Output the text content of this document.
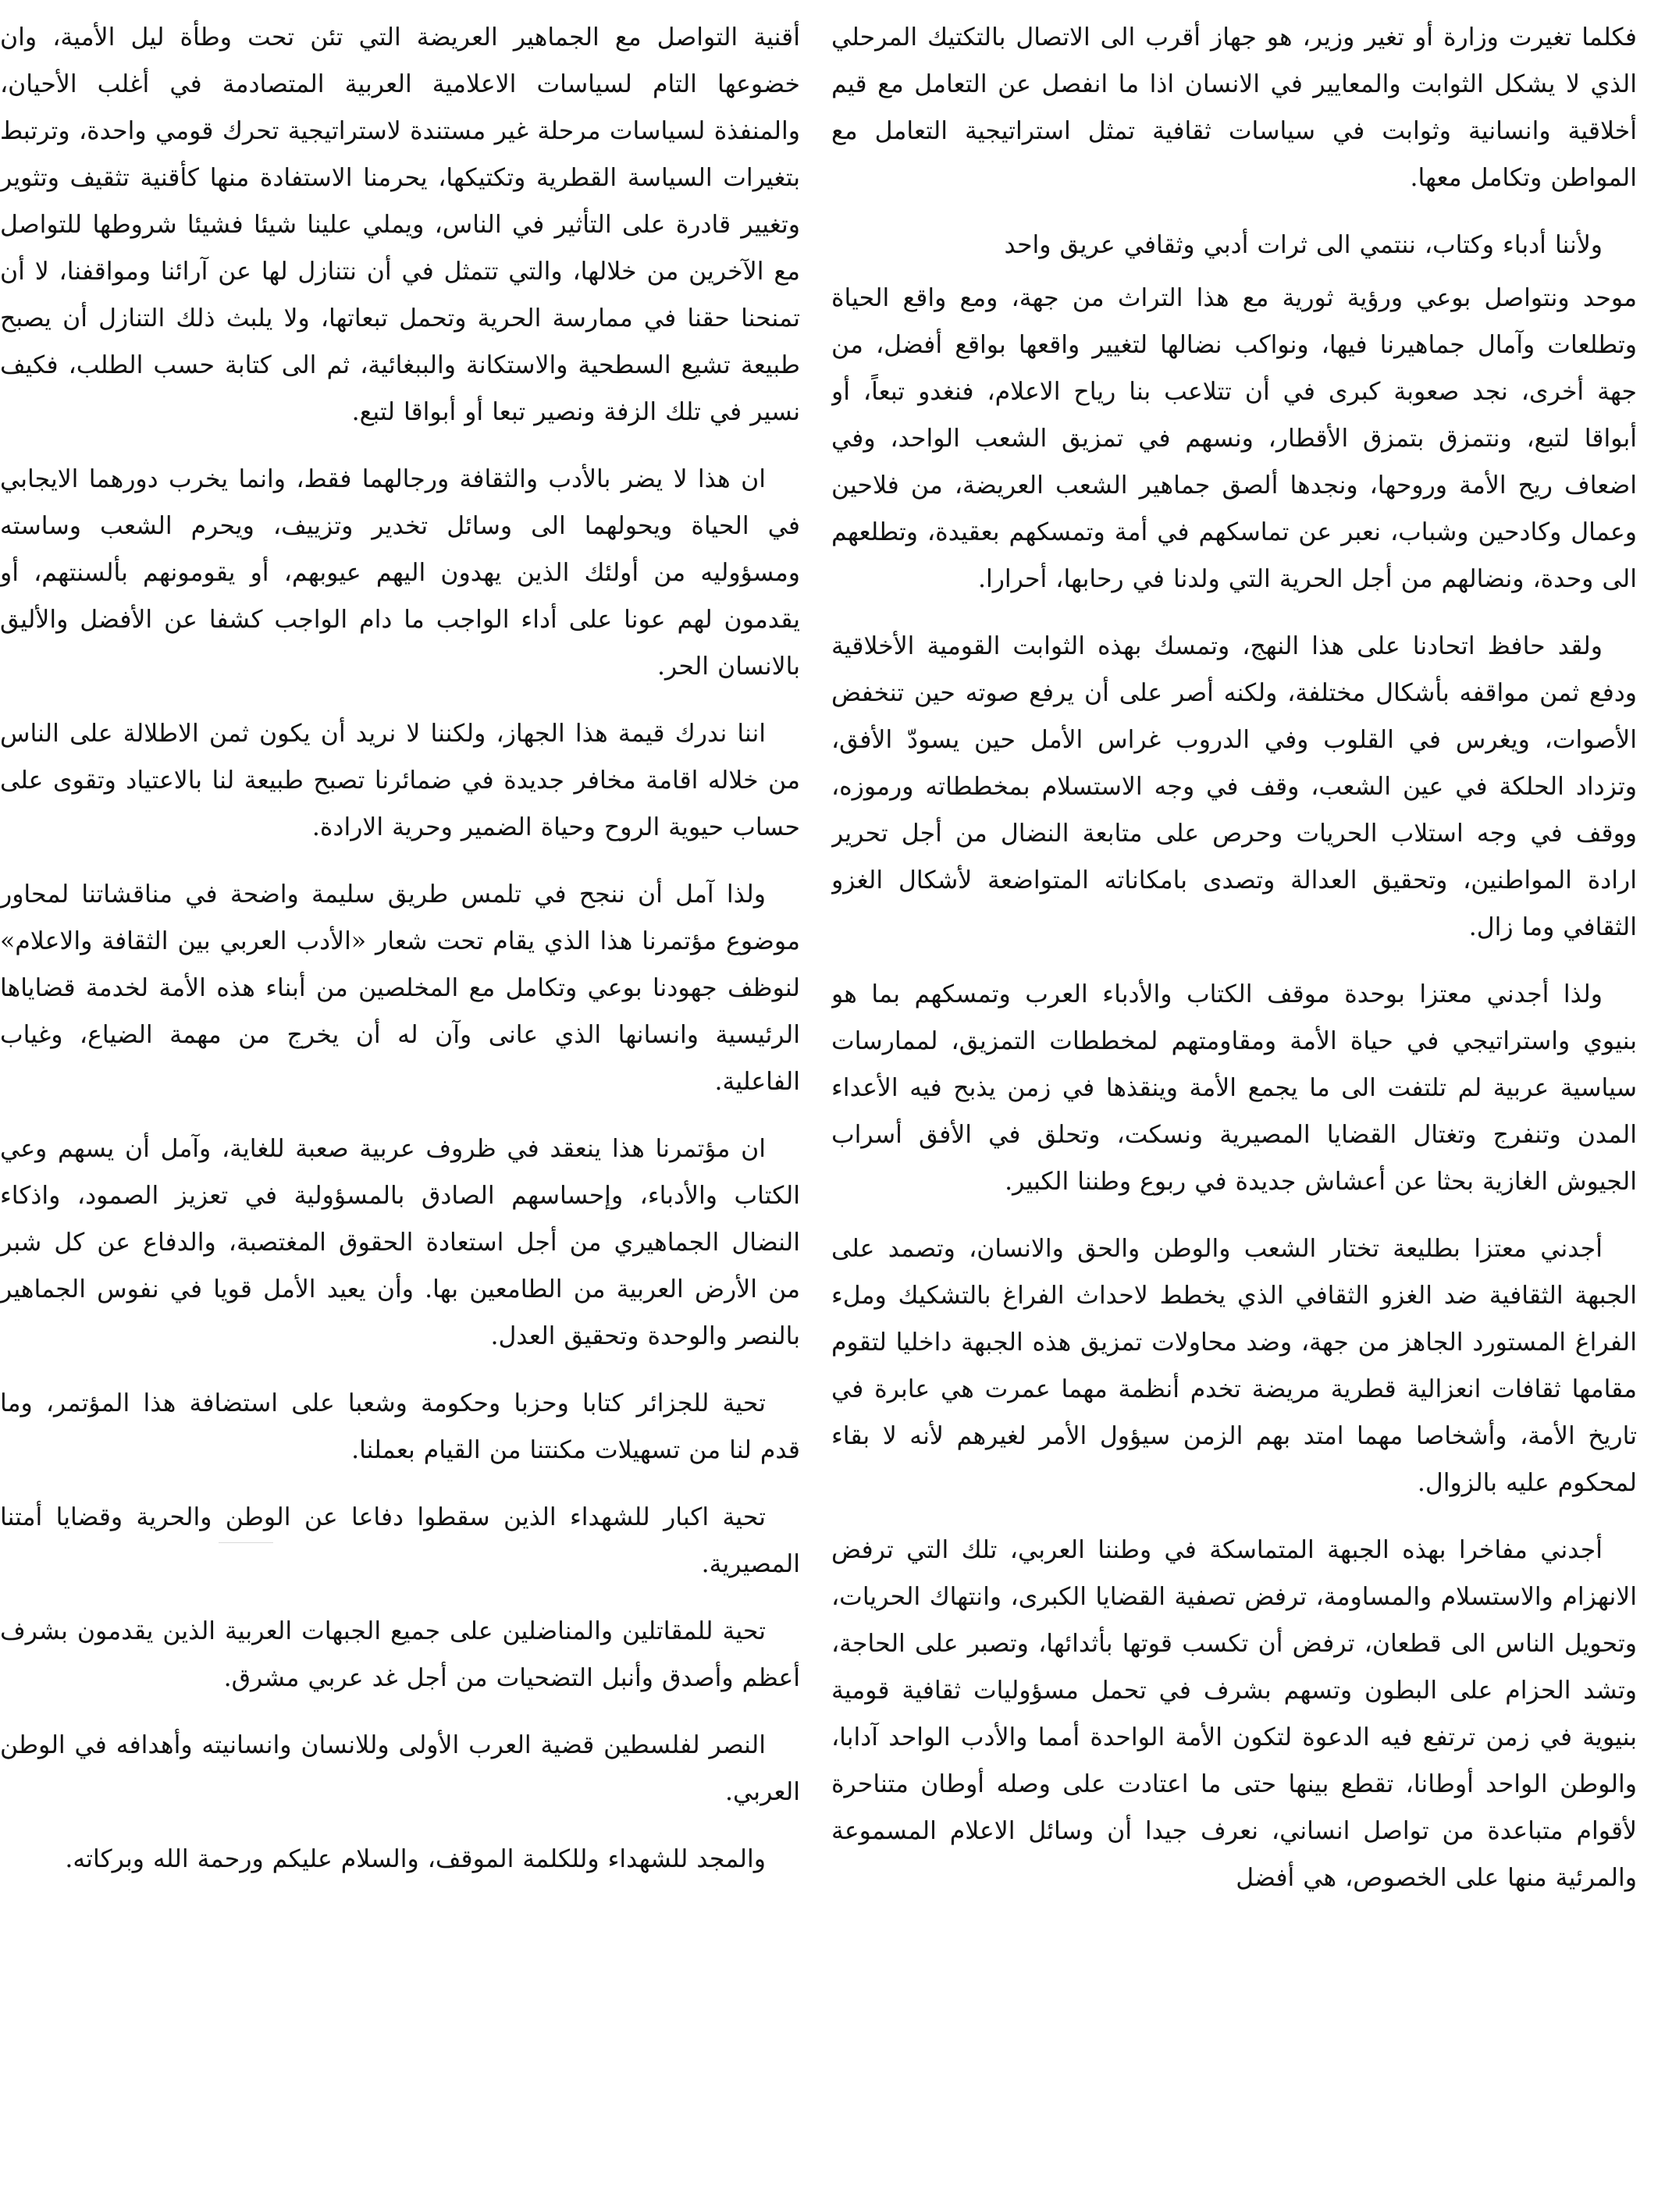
فكلما تغيرت وزارة أو تغير وزير، هو جهاز أقرب الى الاتصال بالتكتيك المرحلي الذي لا يشكل الثوابت والمعايير في الانسان اذا ما انفصل عن التعامل مع قيم أخلاقية وانسانية وثوابت في سياسات ثقافية تمثل استراتيجية التعامل مع المواطن وتكامل معها.

ولأننا أدباء وكتاب، ننتمي الى ثرات أدبي وثقافي عريق واحد

موحد ونتواصل بوعي ورؤية ثورية مع هذا التراث من جهة، ومع واقع الحياة وتطلعات وآمال جماهيرنا فيها، ونواكب نضالها لتغيير واقعها بواقع أفضل، من جهة أخرى، نجد صعوبة كبرى في أن تتلاعب بنا رياح الاعلام، فنغدو تبعاً، أو أبواقا لتبع، ونتمزق بتمزق الأقطار، ونسهم في تمزيق الشعب الواحد، وفي اضعاف ريح الأمة وروحها، ونجدها ألصق جماهير الشعب العريضة، من فلاحين وعمال وكادحين وشباب، نعبر عن تماسكهم في أمة وتمسكهم بعقيدة، وتطلعهم الى وحدة، ونضالهم من أجل الحرية التي ولدنا في رحابها، أحرارا.

ولقد حافظ اتحادنا على هذا النهج، وتمسك بهذه الثوابت القومية الأخلاقية ودفع ثمن مواقفه بأشكال مختلفة، ولكنه أصر على أن يرفع صوته حين تنخفض الأصوات، ويغرس في القلوب وفي الدروب غراس الأمل حين يسودّ الأفق، وتزداد الحلكة في عين الشعب، وقف في وجه الاستسلام بمخططاته ورموزه، ووقف في وجه استلاب الحريات وحرص على متابعة النضال من أجل تحرير ارادة المواطنين، وتحقيق العدالة وتصدى بامكاناته المتواضعة لأشكال الغزو الثقافي وما زال.

ولذا أجدني معتزا بوحدة موقف الكتاب والأدباء العرب وتمسكهم بما هو بنيوي واستراتيجي في حياة الأمة ومقاومتهم لمخططات التمزيق، لممارسات سياسية عربية لم تلتفت الى ما يجمع الأمة وينقذها في زمن يذبح فيه الأعداء المدن وتنفرج وتغتال القضايا المصيرية ونسكت، وتحلق في الأفق أسراب الجيوش الغازية بحثا عن أعشاش جديدة في ربوع وطننا الكبير.

أجدني معتزا بطليعة تختار الشعب والوطن والحق والانسان، وتصمد على الجبهة الثقافية ضد الغزو الثقافي الذي يخطط لاحداث الفراغ بالتشكيك وملء الفراغ المستورد الجاهز من جهة، وضد محاولات تمزيق هذه الجبهة داخليا لتقوم مقامها ثقافات انعزالية قطرية مريضة تخدم أنظمة مهما عمرت هي عابرة في تاريخ الأمة، وأشخاصا مهما امتد بهم الزمن سيؤول الأمر لغيرهم لأنه لا بقاء لمحكوم عليه بالزوال.

أجدني مفاخرا بهذه الجبهة المتماسكة في وطننا العربي، تلك التي ترفض الانهزام والاستسلام والمساومة، ترفض تصفية القضايا الكبرى، وانتهاك الحريات، وتحويل الناس الى قطعان، ترفض أن تكسب قوتها بأثدائها، وتصبر على الحاجة، وتشد الحزام على البطون وتسهم بشرف في تحمل مسؤوليات ثقافية قومية بنيوية في زمن ترتفع فيه الدعوة لتكون الأمة الواحدة أمما والأدب الواحد آدابا، والوطن الواحد أوطانا، تقطع بينها حتى ما اعتادت على وصله أوطان متناحرة لأقوام متباعدة من تواصل انساني، نعرف جيدا أن وسائل الاعلام المسموعة والمرئية منها على الخصوص، هي أفضل

أقنية التواصل مع الجماهير العريضة التي تئن تحت وطأة ليل الأمية، وان خضوعها التام لسياسات الاعلامية العربية المتصادمة في أغلب الأحيان، والمنفذة لسياسات مرحلة غير مستندة لاستراتيجية تحرك قومي واحدة، وترتبط بتغيرات السياسة القطرية وتكتيكها، يحرمنا الاستفادة منها كأقنية تثقيف وتثوير وتغيير قادرة على التأثير في الناس، ويملي علينا شيئا فشيئا شروطها للتواصل مع الآخرين من خلالها، والتي تتمثل في أن نتنازل لها عن آرائنا ومواقفنا، لا أن تمنحنا حقنا في ممارسة الحرية وتحمل تبعاتها، ولا يلبث ذلك التنازل أن يصبح طبيعة تشيع السطحية والاستكانة والببغائية، ثم الى كتابة حسب الطلب، فكيف نسير في تلك الزفة ونصير تبعا أو أبواقا لتبع.

ان هذا لا يضر بالأدب والثقافة ورجالهما فقط، وانما يخرب دورهما الايجابي في الحياة ويحولهما الى وسائل تخدير وتزييف، ويحرم الشعب وساسته ومسؤوليه من أولئك الذين يهدون اليهم عيوبهم، أو يقومونهم بألسنتهم، أو يقدمون لهم عونا على أداء الواجب ما دام الواجب كشفا عن الأفضل والأليق بالانسان الحر.

اننا ندرك قيمة هذا الجهاز، ولكننا لا نريد أن يكون ثمن الاطلالة على الناس من خلاله اقامة مخافر جديدة في ضمائرنا تصبح طبيعة لنا بالاعتياد وتقوى على حساب حيوية الروح وحياة الضمير وحرية الارادة.

ولذا آمل أن ننجح في تلمس طريق سليمة واضحة في مناقشاتنا لمحاور موضوع مؤتمرنا هذا الذي يقام تحت شعار «الأدب العربي بين الثقافة والاعلام» لنوظف جهودنا بوعي وتكامل مع المخلصين من أبناء هذه الأمة لخدمة قضاياها الرئيسية وانسانها الذي عانى وآن له أن يخرج من مهمة الضياع، وغياب الفاعلية.

ان مؤتمرنا هذا ينعقد في ظروف عربية صعبة للغاية، وآمل أن يسهم وعي الكتاب والأدباء، وإحساسهم الصادق بالمسؤولية في تعزيز الصمود، واذكاء النضال الجماهيري من أجل استعادة الحقوق المغتصبة، والدفاع عن كل شبر من الأرض العربية من الطامعين بها. وأن يعيد الأمل قويا في نفوس الجماهير بالنصر والوحدة وتحقيق العدل.

تحية للجزائر كتابا وحزبا وحكومة وشعبا على استضافة هذا المؤتمر، وما قدم لنا من تسهيلات مكنتنا من القيام بعملنا.

تحية اكبار للشهداء الذين سقطوا دفاعا عن الوطن والحرية وقضايا أمتنا المصيرية.

تحية للمقاتلين والمناضلين على جميع الجبهات العربية الذين يقدمون بشرف أعظم وأصدق وأنبل التضحيات من أجل غد عربي مشرق.

النصر لفلسطين قضية العرب الأولى وللانسان وانسانيته وأهدافه في الوطن العربي.

والمجد للشهداء وللكلمة الموقف، والسلام عليكم ورحمة الله وبركاته.
